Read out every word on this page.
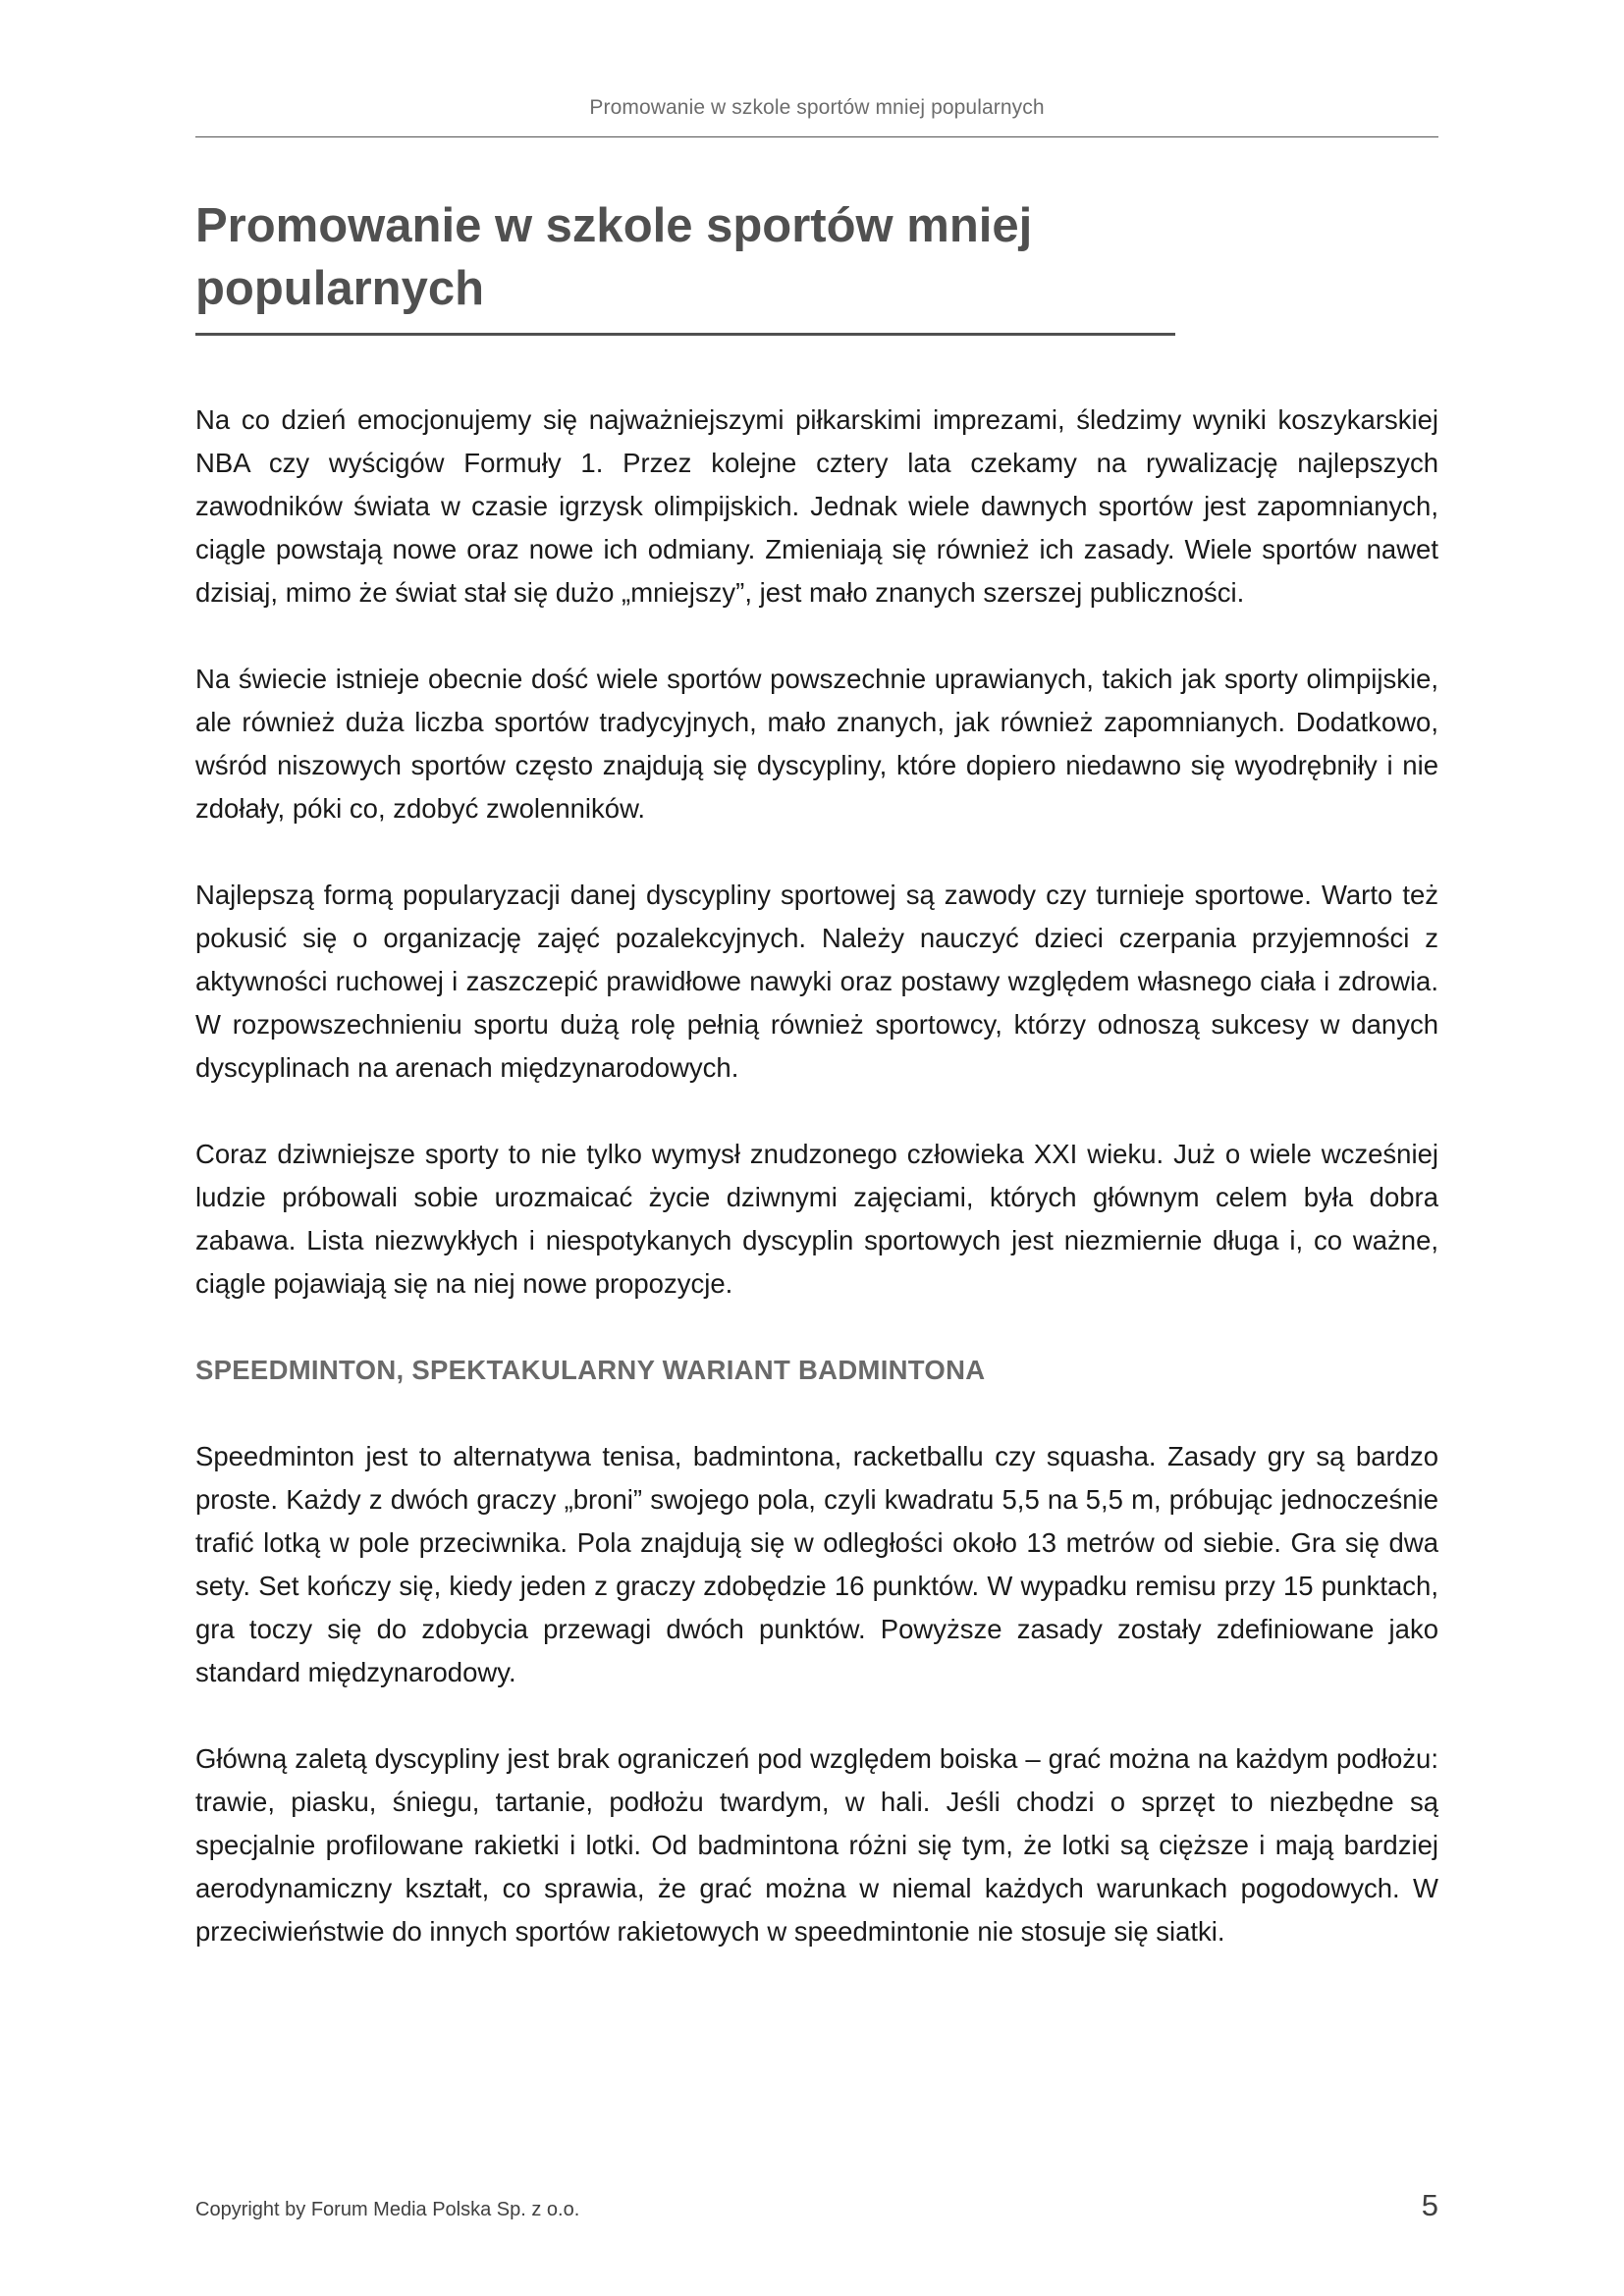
Promowanie w szkole sportów mniej popularnych
Promowanie w szkole sportów mniej popularnych

Na co dzień emocjonujemy się najważniejszymi piłkarskimi imprezami, śledzimy wyniki koszykarskiej NBA czy wyścigów Formuły 1. Przez kolejne cztery lata czekamy na rywalizację najlepszych zawodników świata w czasie igrzysk olimpijskich. Jednak wiele dawnych sportów jest zapomnianych, ciągle powstają nowe oraz nowe ich odmiany. Zmieniają się również ich zasady. Wiele sportów nawet dzisiaj, mimo że świat stał się dużo „mniejszy”, jest mało znanych szerszej publiczności.

Na świecie istnieje obecnie dość wiele sportów powszechnie uprawianych, takich jak sporty olimpijskie, ale również duża liczba sportów tradycyjnych, mało znanych, jak również zapomnianych. Dodatkowo, wśród niszowych sportów często znajdują się dyscypliny, które dopiero niedawno się wyodrębniły i nie zdołały, póki co, zdobyć zwolenników.

Najlepszą formą popularyzacji danej dyscypliny sportowej są zawody czy turnieje sportowe. Warto też pokusić się o organizację zajęć pozalekcyjnych. Należy nauczyć dzieci czerpania przyjemności z aktywności ruchowej i zaszczepić prawidłowe nawyki oraz postawy względem własnego ciała i zdrowia. W rozpowszechnieniu sportu dużą rolę pełnią również sportowcy, którzy odnoszą sukcesy w danych dyscyplinach na arenach międzynarodowych.

Coraz dziwniejsze sporty to nie tylko wymysł znudzonego człowieka XXI wieku. Już o wiele wcześniej ludzie próbowali sobie urozmaicać życie dziwnymi zajęciami, których głównym celem była dobra zabawa. Lista niezwykłych i niespotykanych dyscyplin sportowych jest niezmiernie długa i, co ważne, ciągle pojawiają się na niej nowe propozycje.

SPEEDMINTON, SPEKTAKULARNY WARIANT BADMINTONA

Speedminton jest to alternatywa tenisa, badmintona, racketballu czy squasha. Zasady gry są bardzo proste. Każdy z dwóch graczy „broni” swojego pola, czyli kwadratu 5,5 na 5,5 m, próbując jednocześnie trafić lotką w pole przeciwnika. Pola znajdują się w odległości około 13 metrów od siebie. Gra się dwa sety. Set kończy się, kiedy jeden z graczy zdobędzie 16 punktów. W wypadku remisu przy 15 punktach, gra toczy się do zdobycia przewagi dwóch punktów. Powyższe zasady zostały zdefiniowane jako standard międzynarodowy.

Główną zaletą dyscypliny jest brak ograniczeń pod względem boiska – grać można na każdym podłożu: trawie, piasku, śniegu, tartanie, podłożu twardym, w hali. Jeśli chodzi o sprzęt to niezbędne są specjalnie profilowane rakietki i lotki. Od badmintona różni się tym, że lotki są cięższe i mają bardziej aerodynamiczny kształt, co sprawia, że grać można w niemal każdych warunkach pogodowych. W przeciwieństwie do innych sportów rakietowych w speedmintonie nie stosuje się siatki.

Copyright by Forum Media Polska Sp. z o.o.	5
